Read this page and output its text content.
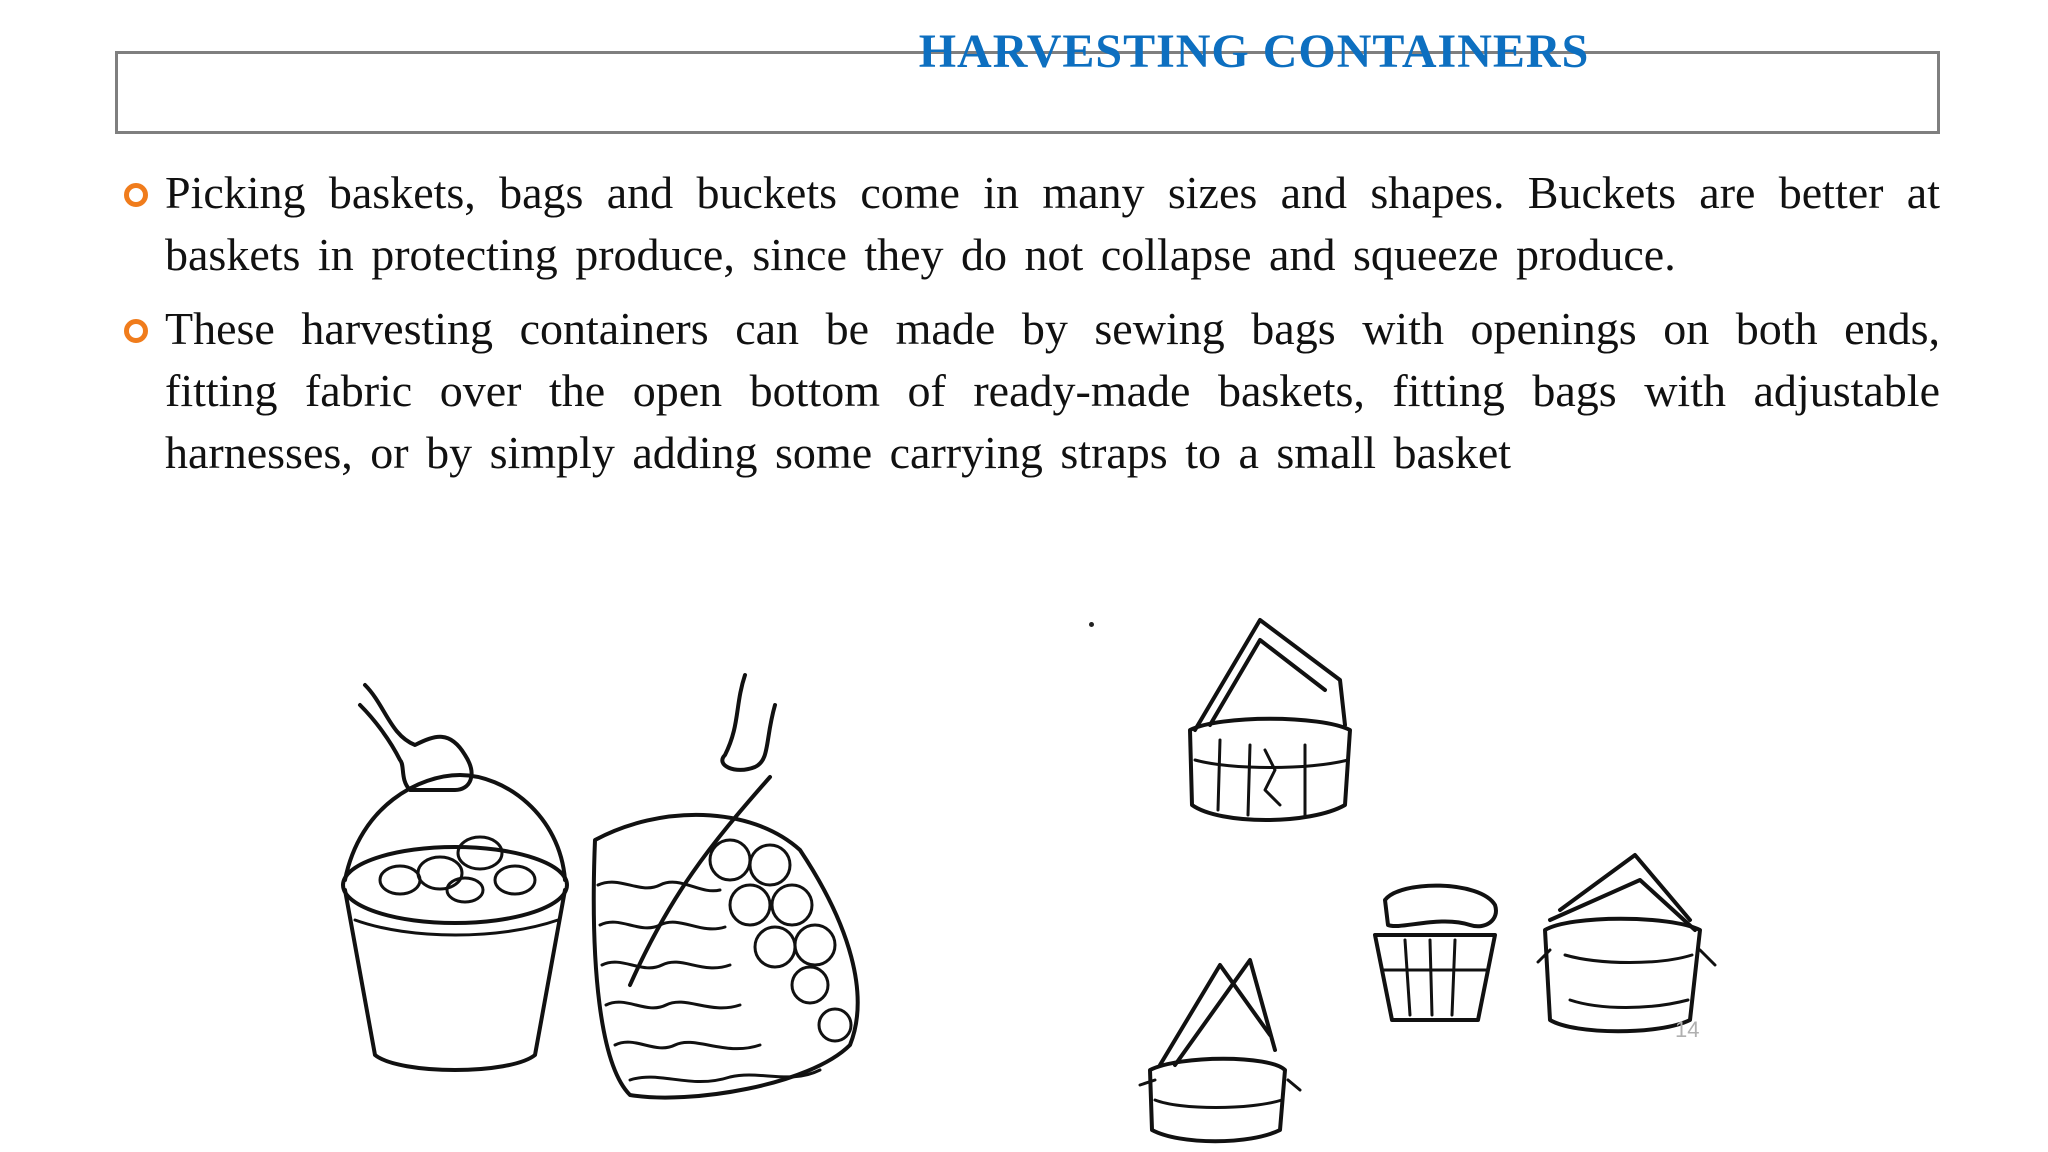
HARVESTING CONTAINERS
Picking baskets, bags and buckets come in many sizes and shapes. Buckets are better at baskets in protecting produce, since they do not collapse and squeeze produce.
These harvesting containers can be made by sewing bags with openings on both ends, fitting fabric over the open bottom of ready-made baskets, fitting bags with adjustable harnesses, or by simply adding some carrying straps to a small basket
14
